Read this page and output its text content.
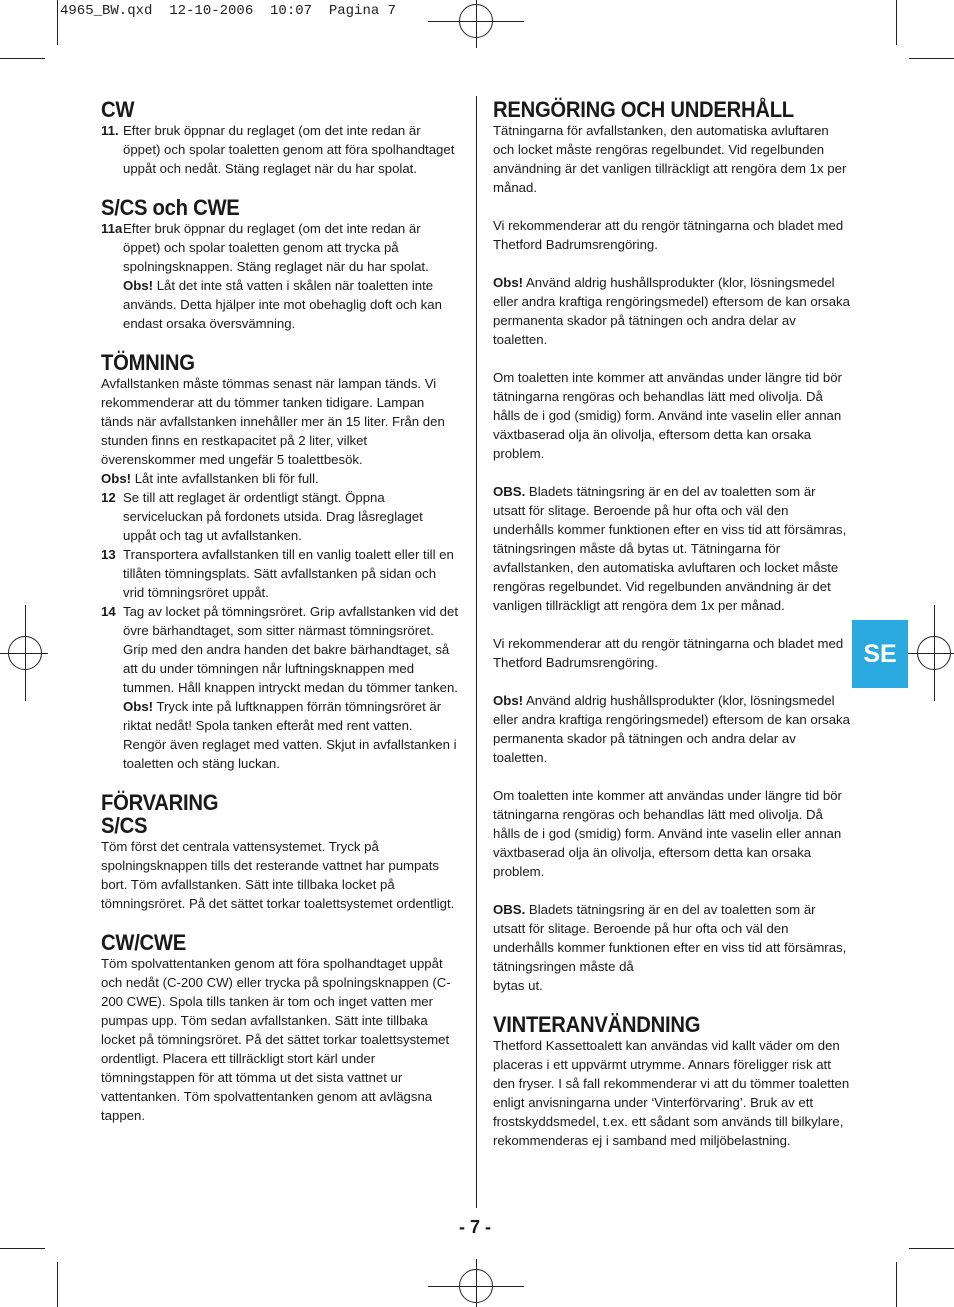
4965_BW.qxd  12-10-2006  10:07  Pagina 7
SE
CW
11. Efter bruk öppnar du reglaget (om det inte redan är öppet) och spolar toaletten genom att föra spolhandtaget uppåt och nedåt. Stäng reglaget när du har spolat.
S/CS och CWE
11a Efter bruk öppnar du reglaget (om det inte redan är öppet) och spolar toaletten genom att trycka på spolningsknappen. Stäng reglaget när du har spolat.

Obs! Låt det inte stå vatten i skålen när toaletten inte används. Detta hjälper inte mot obehaglig doft och kan endast orsaka översvämning.

TÖMNING

Avfallstanken måste tömmas senast när lampan tänds. Vi rekommenderar att du tömmer tanken tidigare. Lampan tänds när avfallstanken innehåller mer än 15 liter. Från den stunden finns en restkapacitet på 2 liter, vilket överenskommer med ungefär 5 toalettbesök.

Obs! Låt inte avfallstanken bli för full.

12 Se till att reglaget är ordentligt stängt. Öppna serviceluckan på fordonets utsida. Drag låsreglaget uppåt och tag ut avfallstanken.
13 Transportera avfallstanken till en vanlig toalett eller till en tillåten tömningsplats. Sätt avfallstanken på sidan och vrid tömningsröret uppåt.
14 Tag av locket på tömningsröret. Grip avfallstanken vid det övre bärhandtaget, som sitter närmast tömningsröret. Grip med den andra handen det bakre bärhandtaget, så att du under tömningen når luftningsknappen med tummen. Håll knappen intryckt medan du tömmer tanken.

Obs! Tryck inte på luftknappen förrän tömningsröret är riktat nedåt! Spola tanken efteråt med rent vatten. Rengör även reglaget med vatten. Skjut in avfallstanken i toaletten och stäng luckan.

FÖRVARING
S/CS

Töm först det centrala vattensystemet. Tryck på spolningsknappen tills det resterande vattnet har pumpats bort. Töm avfallstanken. Sätt inte tillbaka locket på tömningsröret. På det sättet torkar toalettsystemet ordentligt.

CW/CWE

Töm spolvattentanken genom att föra spolhandtaget uppåt och nedåt (C-200 CW) eller trycka på spolningsknappen (C-200 CWE). Spola tills tanken är tom och inget vatten mer pumpas upp. Töm sedan avfallstanken. Sätt inte tillbaka locket på tömningsröret. På det sättet torkar toalettsystemet ordentligt. Placera ett tillräckligt stort kärl under tömningstappen för att tömma ut det sista vattnet ur vattentanken. Töm spolvattentanken genom att avlägsna tappen.

RENGÖRING OCH UNDERHÅLL

Tätningarna för avfallstanken, den automatiska avluftaren och locket måste rengöras regelbundet. Vid regelbunden användning är det vanligen tillräckligt att rengöra dem 1x per månad.

Vi rekommenderar att du rengör tätningarna och bladet med Thetford Badrumsrengöring.

Obs! Använd aldrig hushållsprodukter (klor, lösningsmedel eller andra kraftiga rengöringsmedel) eftersom de kan orsaka permanenta skador på tätningen och andra delar av toaletten.

Om toaletten inte kommer att användas under längre tid bör tätningarna rengöras och behandlas lätt med olivolja. Då hålls de i god (smidig) form. Använd inte vaselin eller annan växtbaserad olja än olivolja, eftersom detta kan orsaka problem.

OBS. Bladets tätningsring är en del av toaletten som är utsatt för slitage. Beroende på hur ofta och väl den underhålls kommer funktionen efter en viss tid att försämras, tätningsringen måste då bytas ut. Tätningarna för avfallstanken, den automatiska avluftaren och locket måste rengöras regelbundet. Vid regelbunden användning är det vanligen tillräckligt att rengöra dem 1x per månad.

Vi rekommenderar att du rengör tätningarna och bladet med Thetford Badrumsrengöring.

Obs! Använd aldrig hushållsprodukter (klor, lösningsmedel eller andra kraftiga rengöringsmedel) eftersom de kan orsaka permanenta skador på tätningen och andra delar av toaletten.

Om toaletten inte kommer att användas under längre tid bör tätningarna rengöras och behandlas lätt med olivolja. Då hålls de i god (smidig) form. Använd inte vaselin eller annan växtbaserad olja än olivolja, eftersom detta kan orsaka problem.

OBS. Bladets tätningsring är en del av toaletten som är utsatt för slitage. Beroende på hur ofta och väl den underhålls kommer funktionen efter en viss tid att försämras, tätningsringen måste då

bytas ut.

VINTERANVÄNDNING

Thetford Kassettoalett kan användas vid kallt väder om den placeras i ett uppvärmt utrymme. Annars föreligger risk att den fryser. I så fall rekommenderar vi att du tömmer toaletten enligt anvisningarna under ‘Vinterförvaring’. Bruk av ett frostskyddsmedel, t.ex. ett sådant som används till bilkylare, rekommenderas ej i samband med miljöbelastning.

- 7 -
